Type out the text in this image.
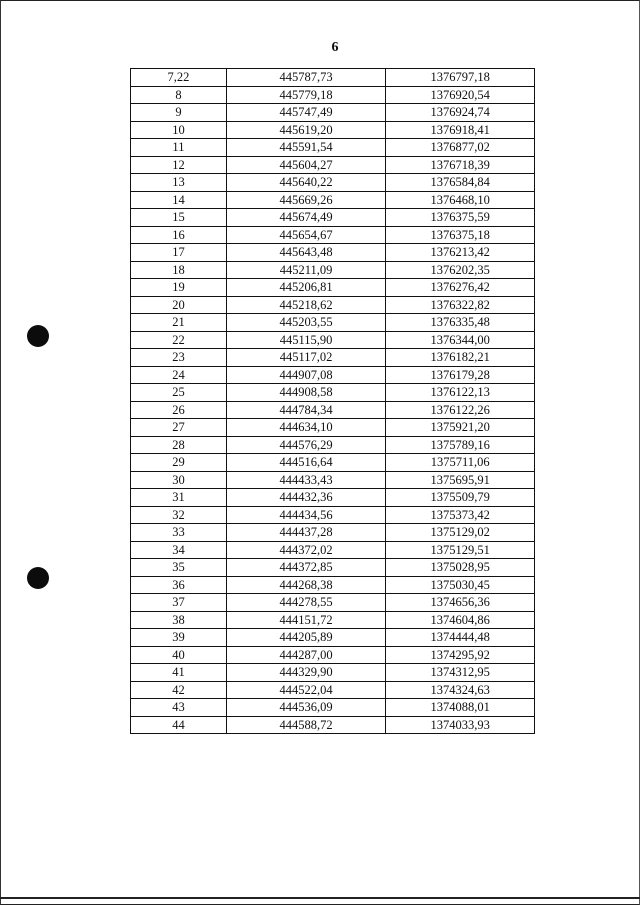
6
7,22	445787,73	1376797,18
8	445779,18	1376920,54
9	445747,49	1376924,74
10	445619,20	1376918,41
11	445591,54	1376877,02
12	445604,27	1376718,39
13	445640,22	1376584,84
14	445669,26	1376468,10
15	445674,49	1376375,59
16	445654,67	1376375,18
17	445643,48	1376213,42
18	445211,09	1376202,35
19	445206,81	1376276,42
20	445218,62	1376322,82
21	445203,55	1376335,48
22	445115,90	1376344,00
23	445117,02	1376182,21
24	444907,08	1376179,28
25	444908,58	1376122,13
26	444784,34	1376122,26
27	444634,10	1375921,20
28	444576,29	1375789,16
29	444516,64	1375711,06
30	444433,43	1375695,91
31	444432,36	1375509,79
32	444434,56	1375373,42
33	444437,28	1375129,02
34	444372,02	1375129,51
35	444372,85	1375028,95
36	444268,38	1375030,45
37	444278,55	1374656,36
38	444151,72	1374604,86
39	444205,89	1374444,48
40	444287,00	1374295,92
41	444329,90	1374312,95
42	444522,04	1374324,63
43	444536,09	1374088,01
44	444588,72	1374033,93
